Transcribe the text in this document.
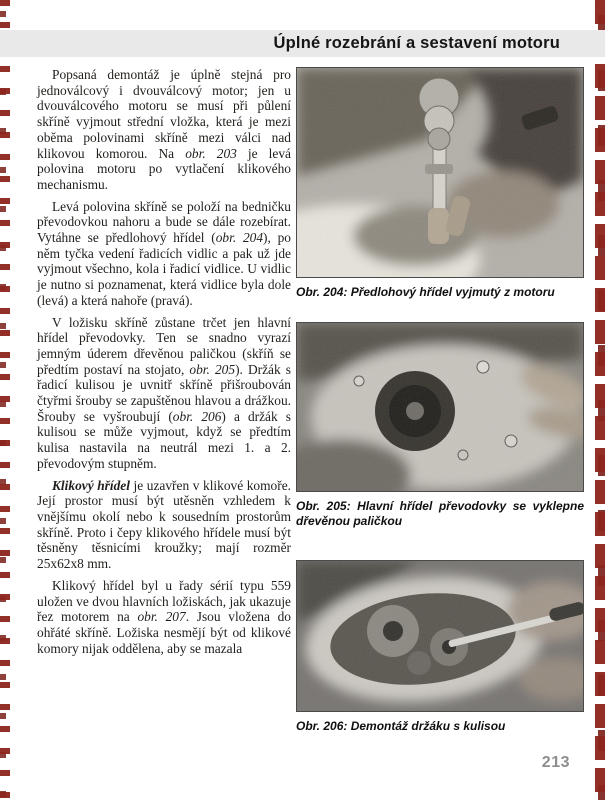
Úplné rozebrání a sestavení motoru

Popsaná demontáž je úplně stejná pro jednoválcový i dvouválcový motor; jen u dvouválcového motoru se musí při půlení skříně vyjmout střední vložka, která je mezi oběma polovinami skříně mezi válci nad klikovou komorou. Na obr. 203 je levá polovina motoru po vytlačení klikového mechanismu.

Levá polovina skříně se položí na bedničku převodovkou nahoru a bude se dále rozebírat. Vytáhne se předlohový hřídel (obr. 204), po něm tyčka vedení řadicích vidlic a pak už jde vyjmout všechno, kola i řadicí vidlice. U vidlic je nutno si poznamenat, která vidlice byla dole (levá) a která nahoře (pravá).

V ložisku skříně zůstane trčet jen hlavní hřídel převodovky. Ten se snadno vyrazí jemným úderem dřevěnou paličkou (skříň se předtím postaví na stojato, obr. 205). Držák s řadicí kulisou je uvnitř skříně přišroubován čtyřmi šrouby se zapuštěnou hlavou a drážkou. Šrouby se vyšroubují (obr. 206) a držák s kulisou se může vyjmout, když se předtím kulisa nastavila na neutrál mezi 1. a 2. převodovým stupněm.

Klikový hřídel je uzavřen v klikové komoře. Její prostor musí být utěsněn vzhledem k vnějšímu okolí nebo k sousedním prostorům skříně. Proto i čepy klikového hřídele musí být těsněny těsnicími kroužky; mají rozměr 25x62x8 mm.

Klikový hřídel byl u řady sérií typu 559 uložen ve dvou hlavních ložiskách, jak ukazuje řez motorem na obr. 207. Jsou vložena do ohřáté skříně. Ložiska nesmějí být od klikové komory nijak oddělena, aby se mazala

Obr. 204: Předlohový hřídel vyjmutý z motoru
Obr. 205: Hlavní hřídel převodovky se vyklepne dřevěnou paličkou
Obr. 206: Demontáž držáku s kulisou
213
